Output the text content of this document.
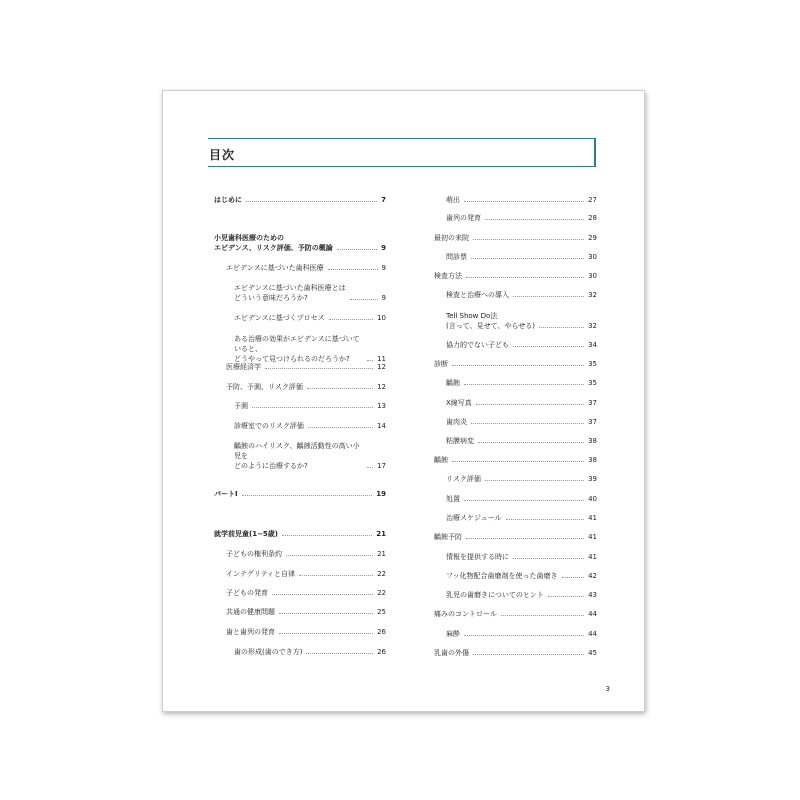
目次
はじめに	7
小児歯科医療のための
エビデンス、リスク評価、予防の概論	9
エビデンスに基づいた歯科医療	9
エビデンスに基づいた歯科医療とは
どういう意味だろうか?	9
エビデンスに基づくプロセス	10
ある治療の効果がエビデンスに基づいていると、
どうやって見つけられるのだろうか?	11
医療経済学	12
予防、予測、リスク評価	12
予測	13
診療室でのリスク評価	14
齲蝕のハイリスク、齲蝕活動性の高い小児を
どのように治療するか?	17
パートⅠ	19
就学前児童(1~5歳)	21
子どもの権利条約	21
インテグリティと自律	22
子どもの発育	22
共通の健康問題	25
歯と歯列の発育	26
歯の形成(歯のでき方)	26
萌出	27
歯列の発育	28
最初の来院	29
問診票	30
検査方法	30
検査と治療への導入	32
Tell Show Do法
(言って、見せて、やらせる)	32
協力的でない子ども	34
診断	35
齲蝕	35
X線写真	37
歯肉炎	37
粘膜病変	38
齲蝕	38
リスク評価	39
処置	40
治療スケジュール	41
齲蝕予防	41
情報を提供する時に	41
フッ化物配合歯磨剤を使った歯磨き	42
乳児の歯磨きについてのヒント	43
痛みのコントロール	44
麻酔	44
乳歯の外傷	45
3
